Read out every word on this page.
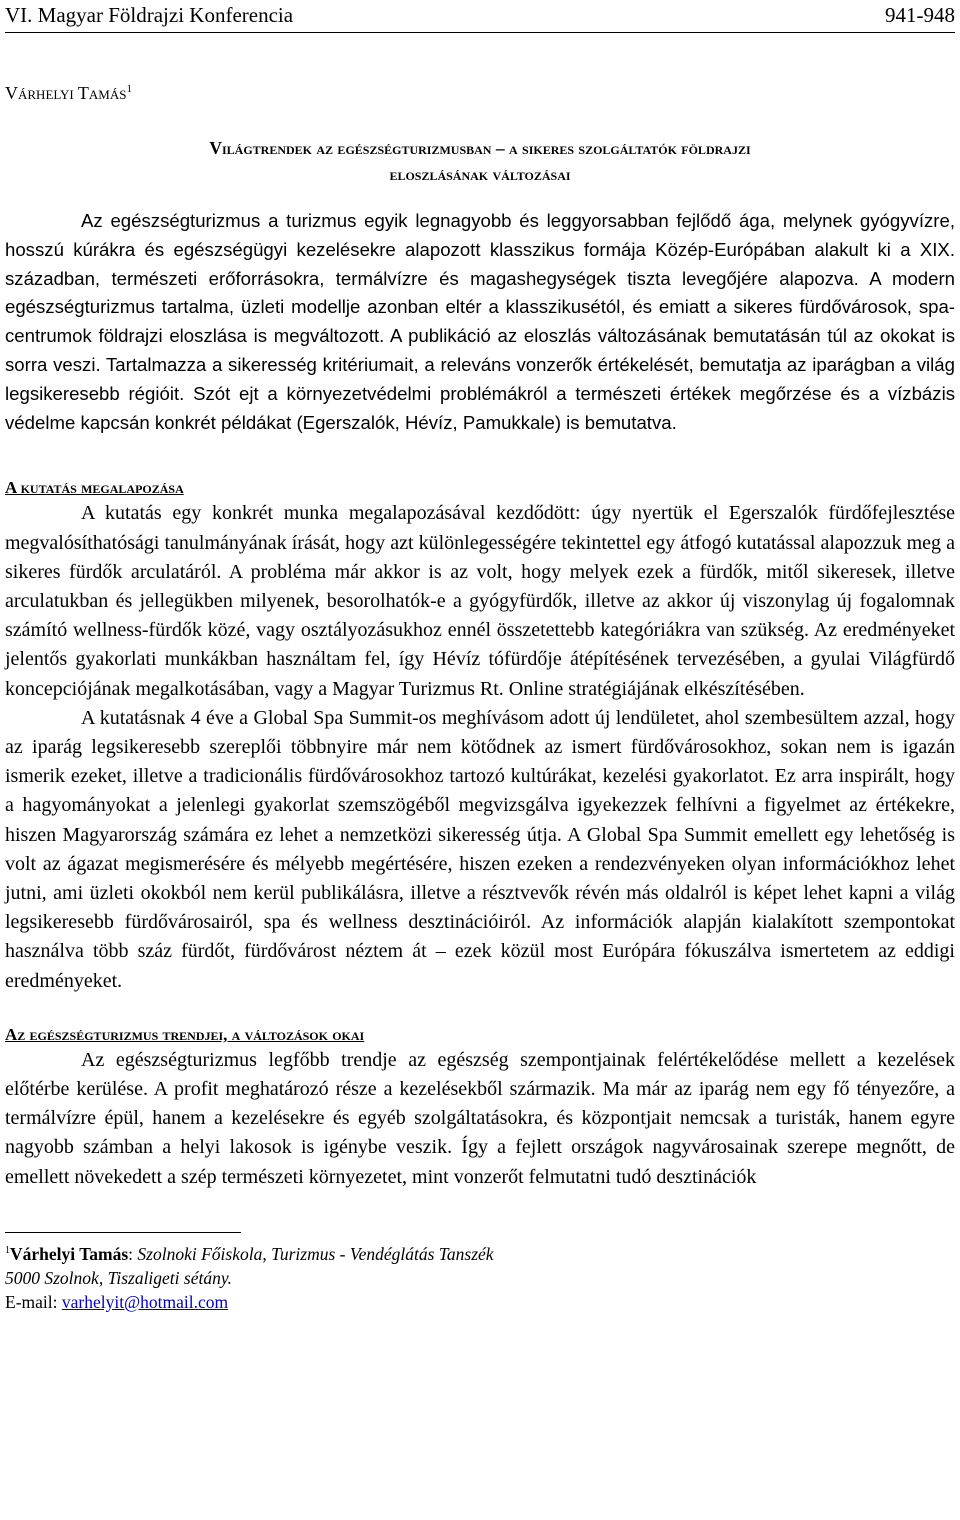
VI. Magyar Földrajzi Konferencia	941-948
Várhelyi Tamás$^1$
Világtrendek az egészségturizmusban – a sikeres szolgáltatók földrajzi
eloszlásának változásai

Az egészségturizmus a turizmus egyik legnagyobb és leggyorsabban fejlődő ága, melynek gyógyvízre, hosszú kúrákra és egészségügyi kezelésekre alapozott klasszikus formája Közép-Európában alakult ki a XIX. században, természeti erőforrásokra, termálvízre és magashegységek tiszta levegőjére alapozva. A modern egészségturizmus tartalma, üzleti modellje azonban eltér a klasszikusétól, és emiatt a sikeres fürdővárosok, spa-centrumok földrajzi eloszlása is megváltozott. A publikáció az eloszlás változásának bemutatásán túl az okokat is sorra veszi. Tartalmazza a sikeresség kritériumait, a releváns vonzerők értékelését, bemutatja az iparágban a világ legsikeresebb régióit. Szót ejt a környezetvédelmi problémákról a természeti értékek megőrzése és a vízbázis védelme kapcsán konkrét példákat (Egerszalók, Hévíz, Pamukkale) is bemutatva.

A kutatás megalapozása

A kutatás egy konkrét munka megalapozásával kezdődött: úgy nyertük el Egerszalók fürdőfejlesztése megvalósíthatósági tanulmányának írását, hogy azt különlegességére tekintettel egy átfogó kutatással alapozzuk meg a sikeres fürdők arculatáról. A probléma már akkor is az volt, hogy melyek ezek a fürdők, mitől sikeresek, illetve arculatukban és jellegükben milyenek, besorolhatók-e a gyógyfürdők, illetve az akkor új viszonylag új fogalomnak számító wellness-fürdők közé, vagy osztályozásukhoz ennél összetettebb kategóriákra van szükség. Az eredményeket jelentős gyakorlati munkákban használtam fel, így Hévíz tófürdője átépítésének tervezésében, a gyulai Világfürdő koncepciójának megalkotásában, vagy a Magyar Turizmus Rt. Online stratégiájának elkészítésében.

A kutatásnak 4 éve a Global Spa Summit-os meghívásom adott új lendületet, ahol szembesültem azzal, hogy az iparág legsikeresebb szereplői többnyire már nem kötődnek az ismert fürdővárosokhoz, sokan nem is igazán ismerik ezeket, illetve a tradicionális fürdővárosokhoz tartozó kultúrákat, kezelési gyakorlatot. Ez arra inspirált, hogy a hagyományokat a jelenlegi gyakorlat szemszögéből megvizsgálva igyekezzek felhívni a figyelmet az értékekre, hiszen Magyarország számára ez lehet a nemzetközi sikeresség útja. A Global Spa Summit emellett egy lehetőség is volt az ágazat megismerésére és mélyebb megértésére, hiszen ezeken a rendezvényeken olyan információkhoz lehet jutni, ami üzleti okokból nem kerül publikálásra, illetve a résztvevők révén más oldalról is képet lehet kapni a világ legsikeresebb fürdővárosairól, spa és wellness desztinációiról. Az információk alapján kialakított szempontokat használva több száz fürdőt, fürdővárost néztem át – ezek közül most Európára fókuszálva ismertetem az eddigi eredményeket.

Az egészségturizmus trendjei, a változások okai

Az egészségturizmus legfőbb trendje az egészség szempontjainak felértékelődése mellett a kezelések előtérbe kerülése. A profit meghatározó része a kezelésekből származik. Ma már az iparág nem egy fő tényezőre, a termálvízre épül, hanem a kezelésekre és egyéb szolgáltatásokra, és központjait nemcsak a turisták, hanem egyre nagyobb számban a helyi lakosok is igénybe veszik. Így a fejlett országok nagyvárosainak szerepe megnőtt, de emellett növekedett a szép természeti környezetet, mint vonzerőt felmutatni tudó desztinációk

$^1$Várhelyi Tamás: Szolnoki Főiskola, Turizmus - Vendéglátás Tanszék
5000 Szolnok, Tiszaligeti sétány.
E-mail: varhelyit@hotmail.com
